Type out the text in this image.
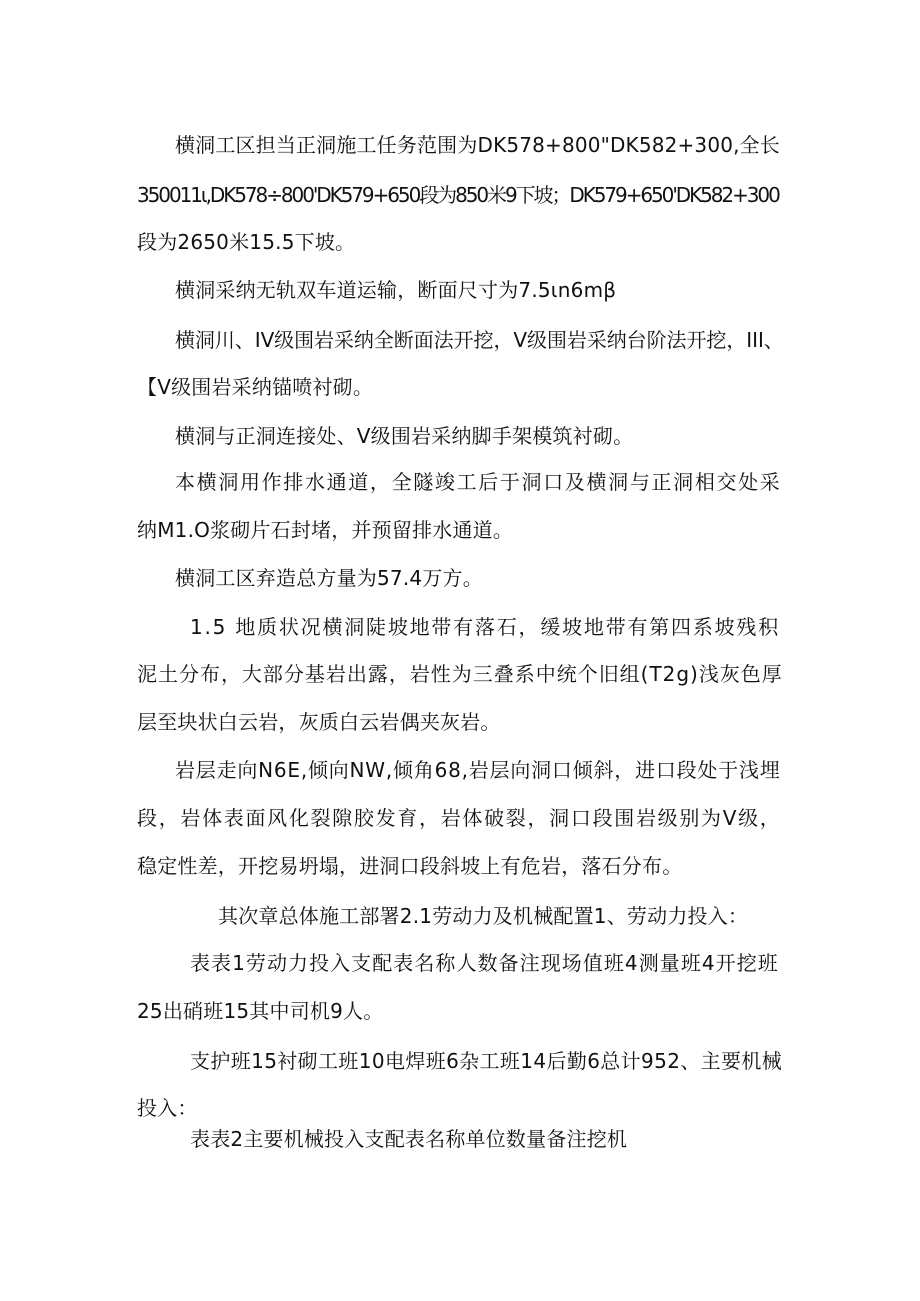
横洞工区担当正洞施工任务范围为DK578+800"DK582+300,全长
350011ι,DK578÷800'DK579+650段为850米9下坡；DK579+650'DK582+300
段为2650米15.5下坡。
横洞采纳无轨双车道运输，断面尺寸为7.5ιn6mβ
横洞川、IV级围岩采纳全断面法开挖，V级围岩采纳台阶法开挖，III、
【V级围岩采纳锚喷衬砌。
横洞与正洞连接处、V级围岩采纳脚手架模筑衬砌。
本横洞用作排水通道，全隧竣工后于洞口及横洞与正洞相交处采
纳M1.O浆砌片石封堵，并预留排水通道。
横洞工区弃造总方量为57.4万方。
1.5 地质状况横洞陡坡地带有落石，缓坡地带有第四系坡残积
泥土分布，大部分基岩出露，岩性为三叠系中统个旧组(T2g)浅灰色厚
层至块状白云岩，灰质白云岩偶夹灰岩。
岩层走向N6E,倾向NW,倾角68,岩层向洞口倾斜，进口段处于浅埋
段，岩体表面风化裂隙胶发育，岩体破裂，洞口段围岩级别为V级，
稳定性差，开挖易坍塌，进洞口段斜坡上有危岩，落石分布。
其次章总体施工部署2.1劳动力及机械配置1、劳动力投入：
表表1劳动力投入支配表名称人数备注现场值班4测量班4开挖班
25出硝班15其中司机9人。
支护班15衬砌工班10电焊班6杂工班14后勤6总计952、主要机械
投入：
表表2主要机械投入支配表名称单位数量备注挖机
